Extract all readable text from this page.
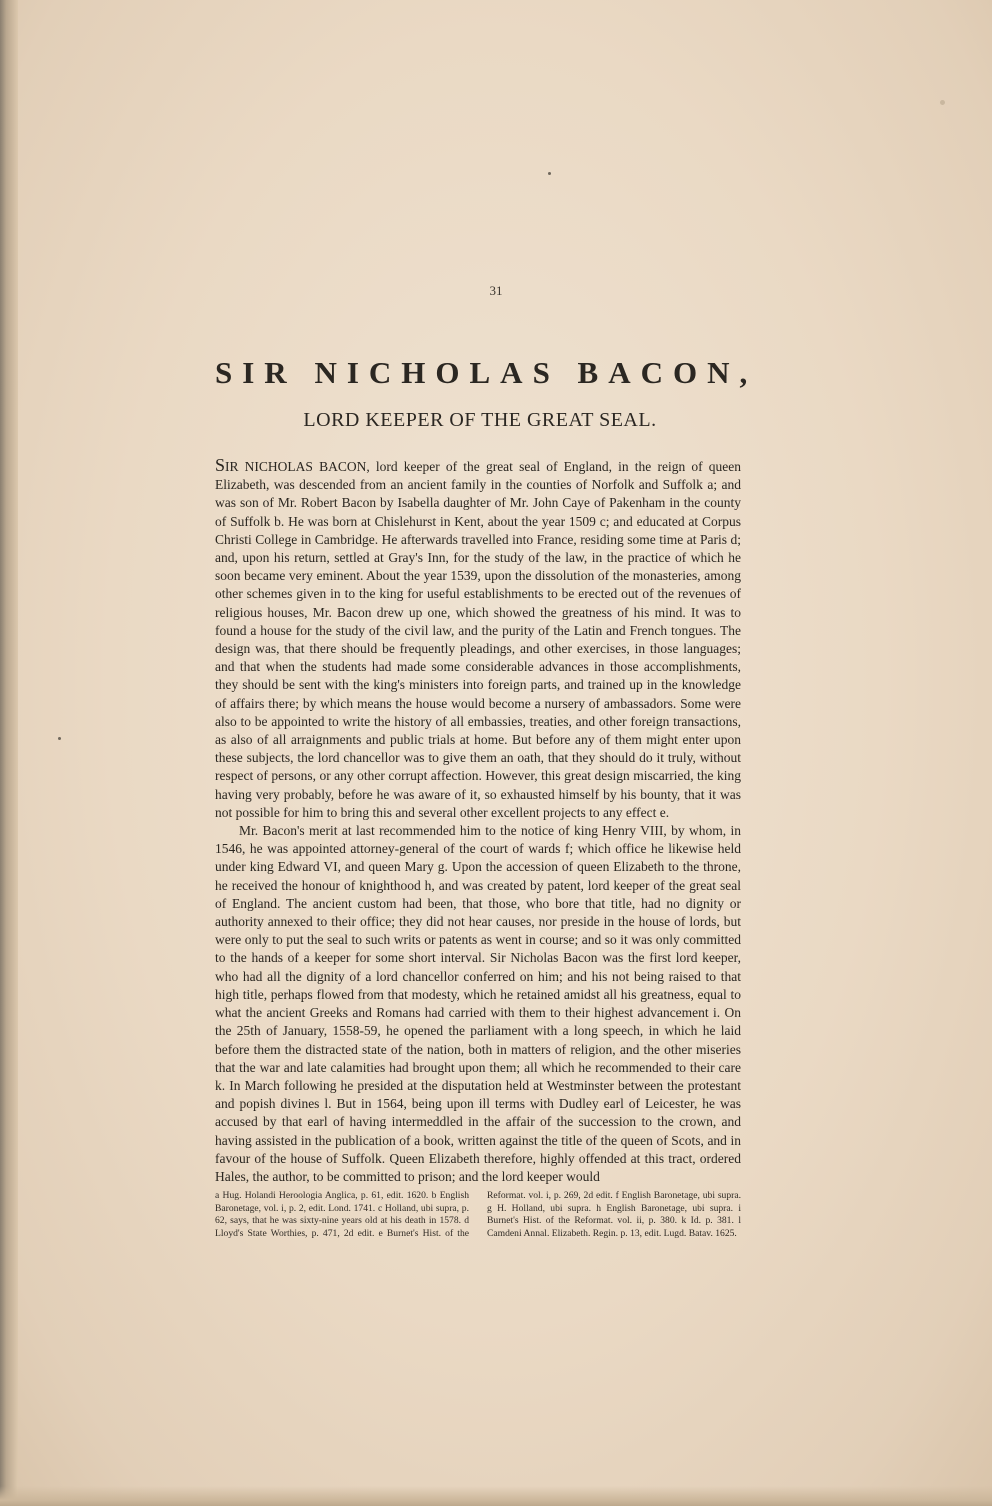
31
SIR NICHOLAS BACON,
LORD KEEPER OF THE GREAT SEAL.

SIR NICHOLAS BACON, lord keeper of the great seal of England, in the reign of queen Elizabeth, was descended from an ancient family in the counties of Norfolk and Suffolk a; and was son of Mr. Robert Bacon by Isabella daughter of Mr. John Caye of Pakenham in the county of Suffolk b. He was born at Chislehurst in Kent, about the year 1509 c; and educated at Corpus Christi College in Cambridge. He afterwards travelled into France, residing some time at Paris d; and, upon his return, settled at Gray's Inn, for the study of the law, in the practice of which he soon became very eminent. About the year 1539, upon the dissolution of the monasteries, among other schemes given in to the king for useful establishments to be erected out of the revenues of religious houses, Mr. Bacon drew up one, which showed the greatness of his mind. It was to found a house for the study of the civil law, and the purity of the Latin and French tongues. The design was, that there should be frequently pleadings, and other exercises, in those languages; and that when the students had made some considerable advances in those accomplishments, they should be sent with the king's ministers into foreign parts, and trained up in the knowledge of affairs there; by which means the house would become a nursery of ambassadors. Some were also to be appointed to write the history of all embassies, treaties, and other foreign transactions, as also of all arraignments and public trials at home. But before any of them might enter upon these subjects, the lord chancellor was to give them an oath, that they should do it truly, without respect of persons, or any other corrupt affection. However, this great design miscarried, the king having very probably, before he was aware of it, so exhausted himself by his bounty, that it was not possible for him to bring this and several other excellent projects to any effect e.

Mr. Bacon's merit at last recommended him to the notice of king Henry VIII, by whom, in 1546, he was appointed attorney-general of the court of wards f; which office he likewise held under king Edward VI, and queen Mary g. Upon the accession of queen Elizabeth to the throne, he received the honour of knighthood h, and was created by patent, lord keeper of the great seal of England. The ancient custom had been, that those, who bore that title, had no dignity or authority annexed to their office; they did not hear causes, nor preside in the house of lords, but were only to put the seal to such writs or patents as went in course; and so it was only committed to the hands of a keeper for some short interval. Sir Nicholas Bacon was the first lord keeper, who had all the dignity of a lord chancellor conferred on him; and his not being raised to that high title, perhaps flowed from that modesty, which he retained amidst all his greatness, equal to what the ancient Greeks and Romans had carried with them to their highest advancement i. On the 25th of January, 1558-59, he opened the parliament with a long speech, in which he laid before them the distracted state of the nation, both in matters of religion, and the other miseries that the war and late calamities had brought upon them; all which he recommended to their care k. In March following he presided at the disputation held at Westminster between the protestant and popish divines l. But in 1564, being upon ill terms with Dudley earl of Leicester, he was accused by that earl of having intermeddled in the affair of the succession to the crown, and having assisted in the publication of a book, written against the title of the queen of Scots, and in favour of the house of Suffolk. Queen Elizabeth therefore, highly offended at this tract, ordered Hales, the author, to be committed to prison; and the lord keeper would

a Hug. Holandi Heroologia Anglica, p. 61, edit. 1620. b English Baronetage, vol. i, p. 2, edit. Lond. 1741. c Holland, ubi supra, p. 62, says, that he was sixty-nine years old at his death in 1578. d Lloyd's State Worthies, p. 471, 2d edit. e Burnet's Hist. of the Reformat. vol. i, p. 269, 2d edit. f English Baronetage, ubi supra. g H. Holland, ubi supra. h English Baronetage, ubi supra. i Burnet's Hist. of the Reformat. vol. ii, p. 380. k Id. p. 381. l Camdeni Annal. Elizabeth. Regin. p. 13, edit. Lugd. Batav. 1625.
